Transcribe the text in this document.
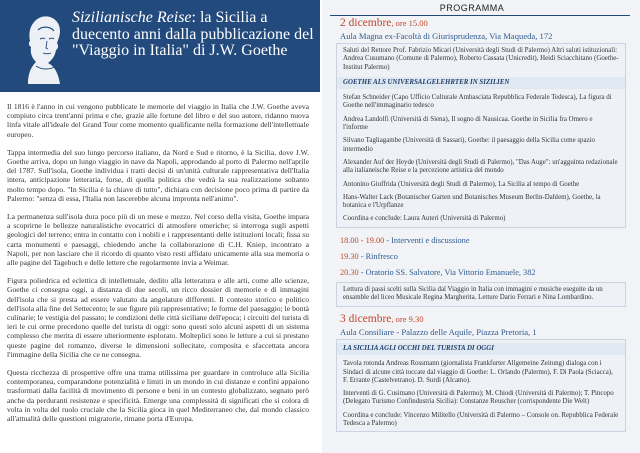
Sizilianische Reise: la Sicilia a duecento anni dalla pubblicazione del "Viaggio in Italia" di J.W. Goethe

Il 1816 è l'anno in cui vengono pubblicate le memorie del viaggio in Italia che J.W. Goethe aveva compiuto circa trent'anni prima e che, grazie alle fortune del libro e del suo autore, ridanno nuova linfa vitale all'ideale del Grand Tour come momento qualificante nella formazione dell'intellettuale europeo.

Tappa intermedia del suo lungo percorso italiano, da Nord e Sud e ritorno, è la Sicilia, dove J.W. Goethe arriva, dopo un lungo viaggio in nave da Napoli, approdando al porto di Palermo nell'aprile del 1787. Sull'isola, Goethe individua i tratti decisi di un'unità culturale rappresentativa dell'Italia intera, anticipazione letteraria, forse, di quella politica che vedrà la sua realizzazione soltanto molto tempo dopo. "In Sicilia è la chiave di tutto", dichiara con decisione poco prima di partire da Palermo: "senza di essa, l'Italia non lascerebbe alcuna impronta nell'animo".

La permanenza sull'isola dura poco più di un mese e mezzo. Nel corso della visita, Goethe impara a scoprirne le bellezze naturalistiche evocatrici di atmosfere omeriche; si interroga sugli aspetti geologici del terreno; entra in contatto con i nobili e i rappresentanti delle istituzioni locali; fissa su carta monumenti e paesaggi, chiedendo anche la collaborazione di C.H. Kniep, incontrato a Napoli, per non lasciare che il ricordo di quanto visto resti affidato unicamente alla sua memoria o alle pagine del Tagebuch e delle lettere che regolarmente invia a Weimar.

Figura poliedrica ed eclettica di intellettuale, dedito alla letteratura e alle arti, come alle scienze, Goethe ci consegna oggi, a distanza di due secoli, un ricco dossier di memorie e di immagini dell'isola che si presta ad essere valutato da angolature differenti. Il contesto storico e politico dell'isola alla fine del Settecento; le sue figure più rappresentative; le forme del paesaggio; le bontà culinarie; le vestigia del passato; le condizioni delle città siciliane dell'epoca; i circuiti del turista di ieri le cui orme precedono quelle del turista di oggi: sono questi solo alcuni aspetti di un sistema complesso che merita di essere ulteriormente esplorato. Molteplici sono le letture a cui si prestano queste pagine del romanzo, diverse le dimensioni sollecitate, composita e sfaccettata ancora l'immagine della Sicilia che ce ne consegna.

Questa ricchezza di prospettive offre una trama utilissima per guardare in controluce alla Sicilia contemporanea, comparandone potenzialità e limiti in un mondo in cui distanze e confini appaiono trasformati dalla facilità di movimento di persone e beni in un contesto globalizzato, segnato però anche da perduranti resistenze e specificità. Emerge una complessità di significati che si colora di volta in volta del ruolo cruciale che la Sicilia gioca in quel Mediterraneo che, dal mondo classico all'attualità delle questioni migratorie, rimane porta d'Europa.

PROGRAMMA
2 dicembre, ore 15.00
Aula Magna ex-Facoltà di Giurisprudenza, Via Maqueda, 172
Saluti del Rettore Prof. Fabrizio Micari (Università degli Studi di Palermo) Altri saluti istituzionali: Andrea Cusumano (Comune di Palermo), Roberto Cassata (Unicredit), Heidi Sciacchitano (Goethe-Institut Palermo)
GOETHE ALS UNIVERSALGELEHRTER IN SIZILIEN
Stefan Schneider (Capo Ufficio Culturale Ambasciata Repubblica Federale Tedesca), La figura di Goethe nell'immaginario tedesco
Andrea Landolfi (Università di Siena), Il sogno di Nausicaa. Goethe in Sicilia fra Omero e l'informe
Silvano Tagliagambe (Università di Sassari), Goethe: il paesaggio della Sicilia come spazio intermedio
Alexander Auf der Heyde (Università degli Studi di Palermo), "Das Auge": un'agguinta redazionale alla italianeische Reise e la percezione artistica del mondo
Antonino Giuffrida (Università degli Studi di Palermo), La Sicilia al tempo di Goethe
Hans-Walter Lack (Botanischer Garten und Botanisches Museum Berlin-Dahlem), Goethe, la botanica e l'Urpflanze
Coordina e conclude: Laura Auteri (Università di Palermo)
18.00 - 19.00 - Interventi e discussione
19.30 - Rinfresco
20.30 - Oratorio SS. Salvatore, Via Vittorio Emanuele, 382
Lettura di passi scelti sulla Sicilia dal Viaggio in Italia con immagini e musiche eseguite da un ensamble del liceo Musicale Regina Margherita. Letture Dario Ferrari e Nina Lombardino.
3 dicembre, ore 9.30
Aula Consiliare - Palazzo delle Aquile, Piazza Pretoria, 1
LA SICILIA AGLI OCCHI DEL TURISTA DI OGGI
Tavola rotonda Andreas Rossmann (giornalista Frankfurter Allgemeine Zeitung) dialoga con i Sindaci di alcune città toccate dal viaggio di Goethe: L. Orlando (Palermo), F. Di Paola (Sciacca), F. Errante (Castelvetrano). D. Surdi (Alcamo).
Interventi di G. Cusimano (Università di Palermo); M. Chiodi (Università di Palermo); T. Pincopo (Delegato Turismo Confindustria Sicilia): Constanze Reuscher (corrispondente Die Welt)
Coordina e conclude: Vincenzo Militello (Università di Palermo – Console on. Repubblica Federale Tedesca a Palermo)
